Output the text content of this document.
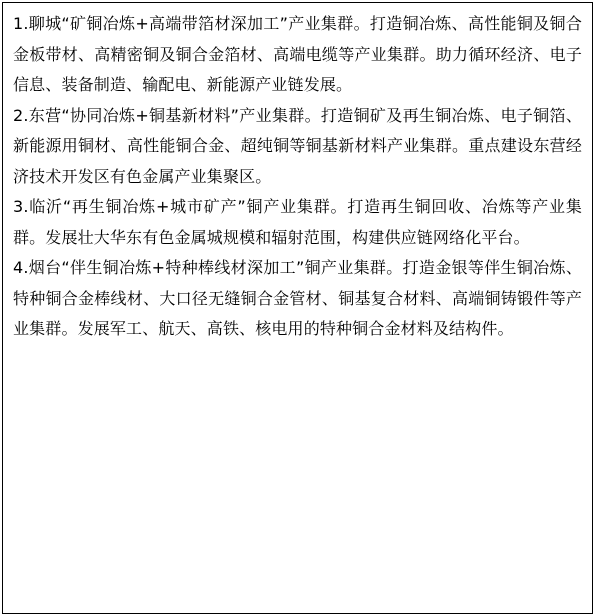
1.聊城“矿铜冶炼+高端带箔材深加工”产业集群。打造铜冶炼、高性能铜及铜合金板带材、高精密铜及铜合金箔材、高端电缆等产业集群。助力循环经济、电子信息、装备制造、输配电、新能源产业链发展。

2.东营“协同冶炼+铜基新材料”产业集群。打造铜矿及再生铜冶炼、电子铜箔、新能源用铜材、高性能铜合金、超纯铜等铜基新材料产业集群。重点建设东营经济技术开发区有色金属产业集聚区。

3.临沂“再生铜冶炼+城市矿产”铜产业集群。打造再生铜回收、冶炼等产业集群。发展壮大华东有色金属城规模和辐射范围，构建供应链网络化平台。

4.烟台“伴生铜冶炼+特种棒线材深加工”铜产业集群。打造金银等伴生铜冶炼、特种铜合金棒线材、大口径无缝铜合金管材、铜基复合材料、高端铜铸锻件等产业集群。发展军工、航天、高铁、核电用的特种铜合金材料及结构件。
